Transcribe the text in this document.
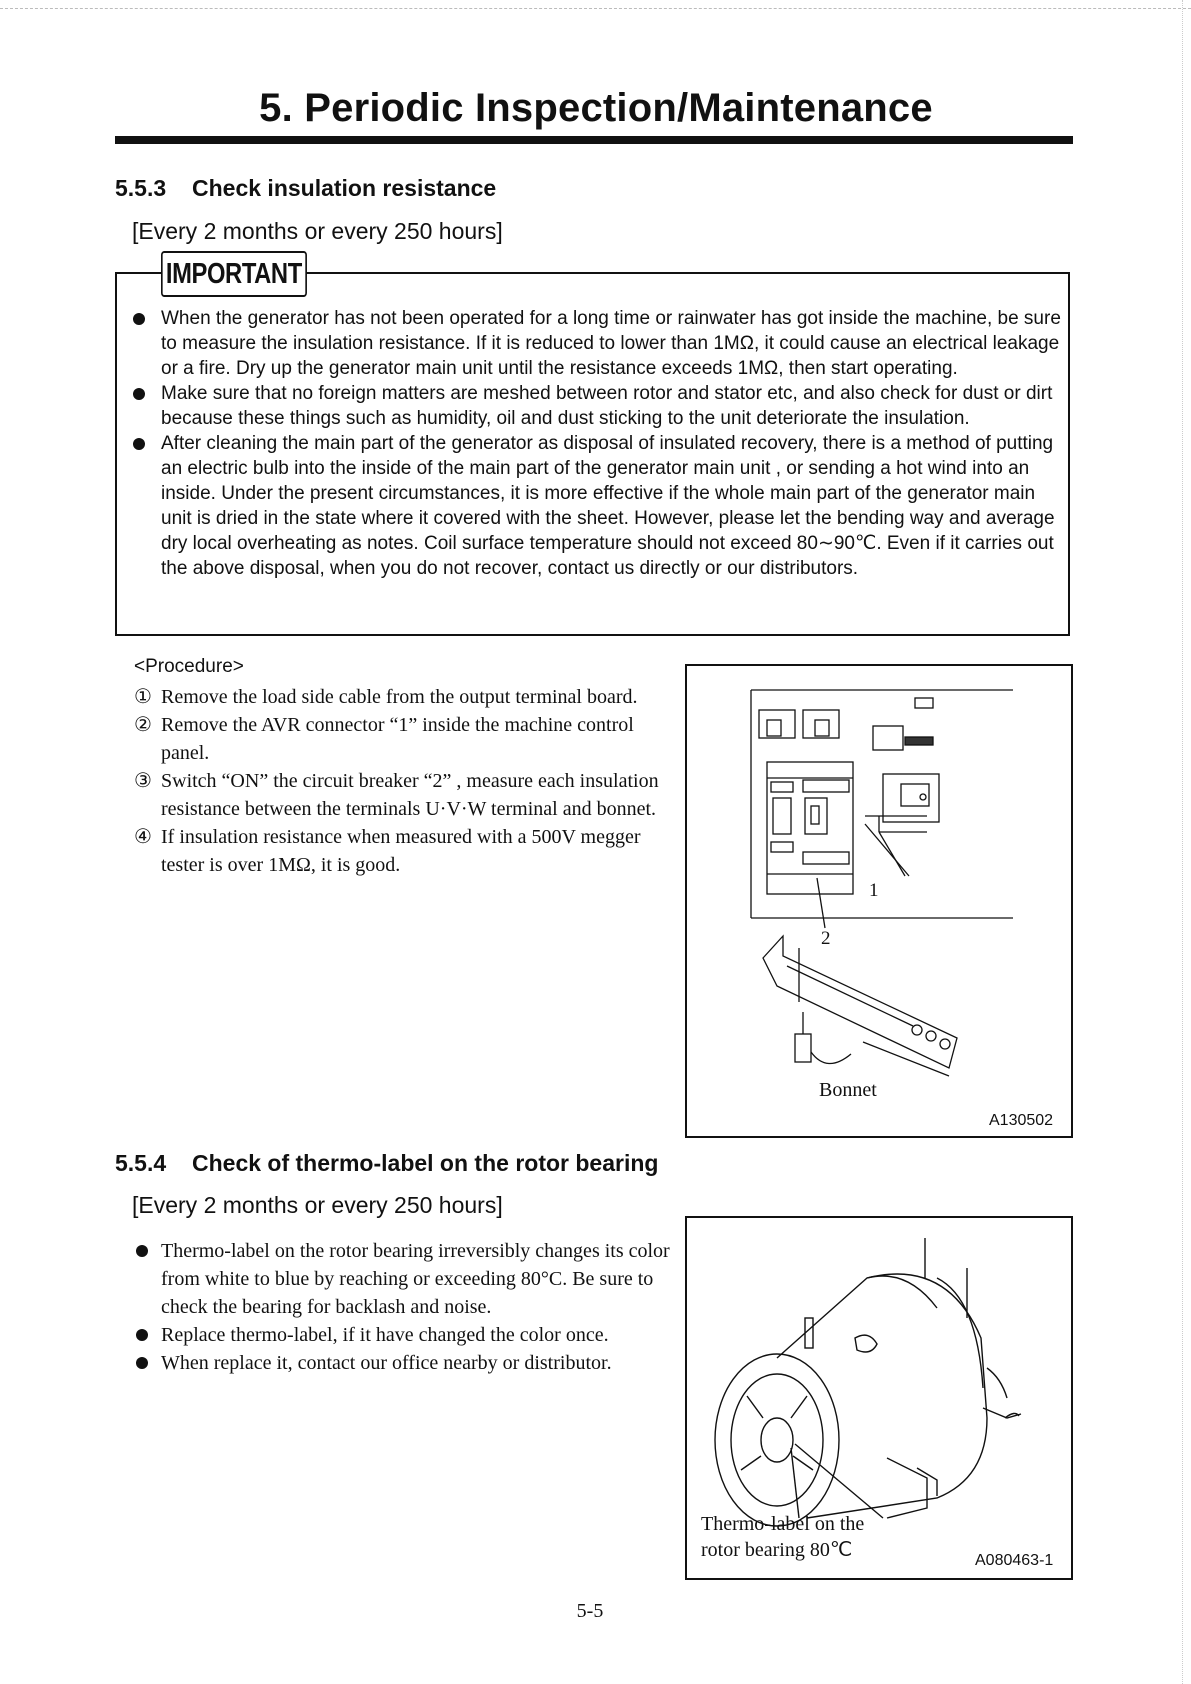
5. Periodic Inspection/Maintenance
5.5.3 Check insulation resistance
[Every 2 months or every 250 hours]
IMPORTANT
When the generator has not been operated for a long time or rainwater has got inside the machine, be sure to measure the insulation resistance. If it is reduced to lower than 1MΩ, it could cause an electrical leakage or a fire. Dry up the generator main unit until the resistance exceeds 1MΩ, then start operating.
Make sure that no foreign matters are meshed between rotor and stator etc, and also check for dust or dirt because these things such as humidity, oil and dust sticking to the unit deteriorate the insulation.
After cleaning the main part of the generator as disposal of insulated recovery, there is a method of putting an electric bulb into the inside of the main part of the generator main unit , or sending a hot wind into an inside. Under the present circumstances, it is more effective if the whole main part of the generator main unit is dried in the state where it covered with the sheet. However, please let the bending way and average dry local overheating as notes. Coil surface temperature should not exceed 80∼90℃. Even if it carries out the above disposal, when you do not recover, contact us directly or our distributors.
<Procedure>
① Remove the load side cable from the output terminal board.
② Remove the AVR connector “1” inside the machine control panel.
③ Switch “ON” the circuit breaker “2” , measure each insulation resistance between the terminals U·V·W terminal and bonnet.
④ If insulation resistance when measured with a 500V megger tester is over 1MΩ, it is good.
1
2
Bonnet
A130502
5.5.4 Check of thermo-label on the rotor bearing
[Every 2 months or every 250 hours]
Thermo-label on the rotor bearing irreversibly changes its color from white to blue by reaching or exceeding 80°C. Be sure to check the bearing for backlash and noise.
Replace thermo-label, if it have changed the color once.
When replace it, contact our office nearby or distributor.
Thermo-label on the
rotor bearing 80℃	A080463-1
5-5
